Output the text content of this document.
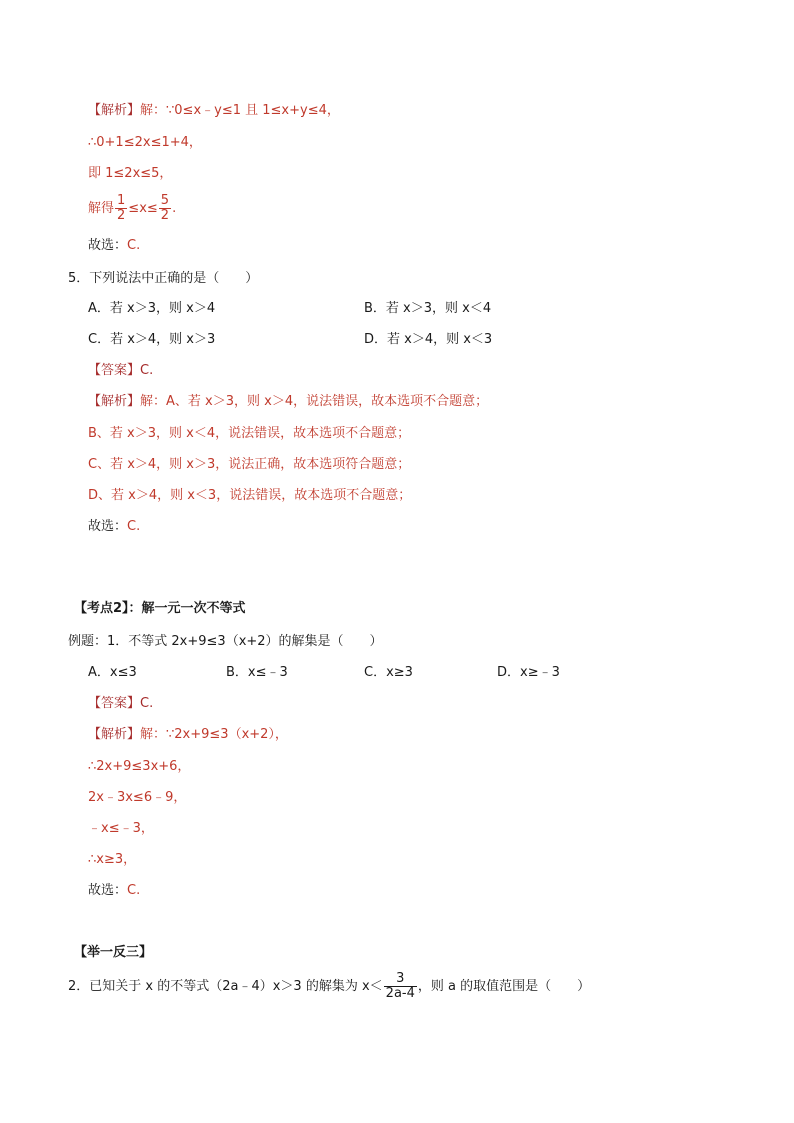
【解析】解：∵0≤x﹣y≤1 且 1≤x+y≤4，
∴0+1≤2x≤1+4，
即 1≤2x≤5，
解得 $\frac{1}{2} \le x\le \frac{5}{2}$ .
故选：C.
5．下列说法中正确的是（　　）
A．若 x＞3，则 x＞4	B．若 x＞3，则 x＜4
C．若 x＞4，则 x＞3	D．若 x＞4，则 x＜3
【答案】C.
【解析】解：A、若 x＞3，则 x＞4，说法错误，故本选项不合题意；
B、若 x＞3，则 x＜4，说法错误，故本选项不合题意；
C、若 x＞4，则 x＞3，说法正确，故本选项符合题意；
D、若 x＞4，则 x＜3，说法错误，故本选项不合题意；
故选：C.
【考点2】：解一元一次不等式
例题：1．不等式 2x+9≤3（x+2）的解集是（　　）
A．x≤3	B．x≤﹣3	C．x≥3	D．x≥﹣3
【答案】C.
【解析】解：∵2x+9≤3（x+2），
∴2x+9≤3x+6，
2x﹣3x≤6﹣9，
﹣x≤﹣3，
∴x≥3，
故选：C.
【举一反三】
2．已知关于 x 的不等式（2a﹣4）x＞3 的解集为 $x< \frac{3}{2a-4}$ ，则 a 的取值范围是（　　）
